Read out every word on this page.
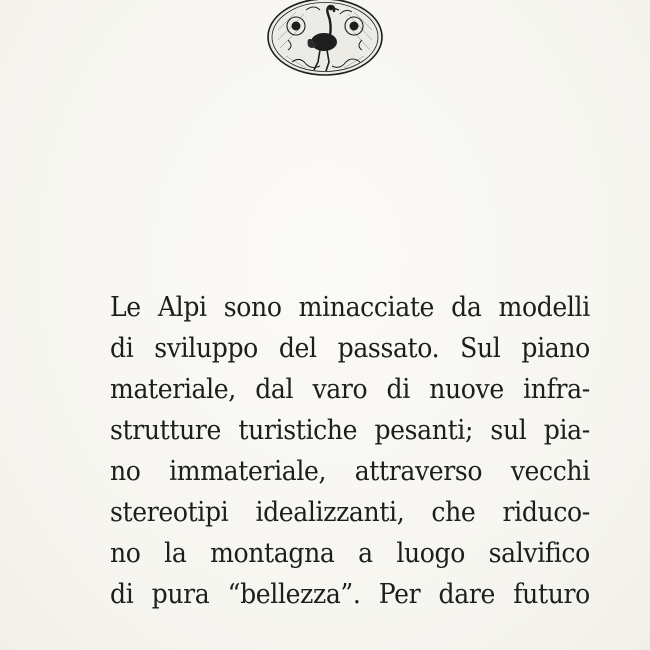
Le Alpi sono minacciate da modelli
di sviluppo del passato. Sul piano
materiale, dal varo di nuove infra-
strutture turistiche pesanti; sul pia-
no immateriale, attraverso vecchi
stereotipi idealizzanti, che riduco-
no la montagna a luogo salvifico
di pura “bellezza”. Per dare futuro
